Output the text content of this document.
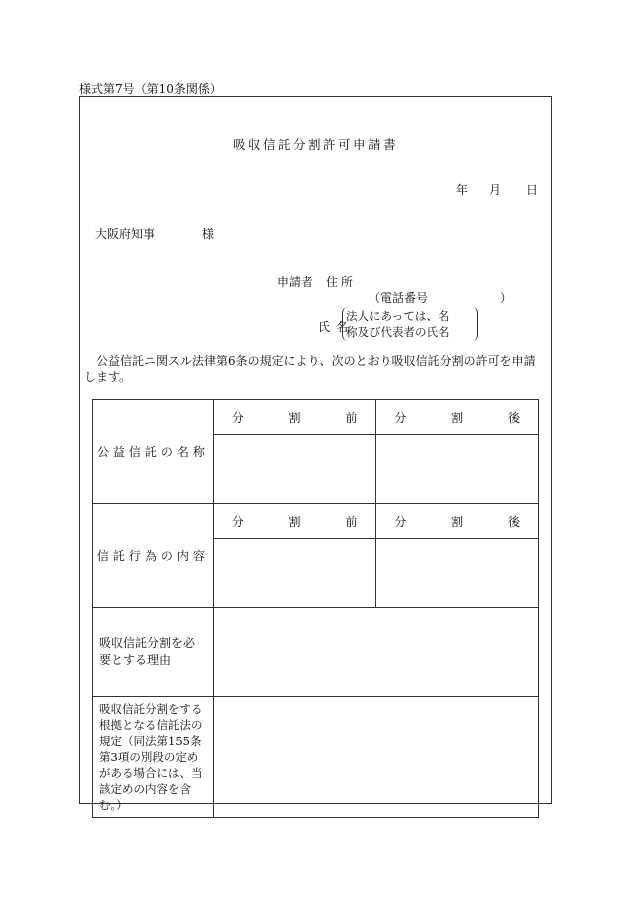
様式第7号（第10条関係）
吸収信託分割許可申請書
年 月 日
大阪府知事	様
申請者 住所
（電話番号	）
氏名
法人にあっては、名
称及び代表者の氏名
公益信託ニ関スル法律第6条の規定により、次のとおり吸収信託分割の許可を申請します。
公益信託の名称	分 割 前	分 割 後

信託行為の内容	分 割 前	分 割 後

吸収信託分割を必要とする理由		
吸収信託分割をする根拠となる信託法の規定（同法第155条第3項の別段の定めがある場合には、当該定めの内容を含む。）		
